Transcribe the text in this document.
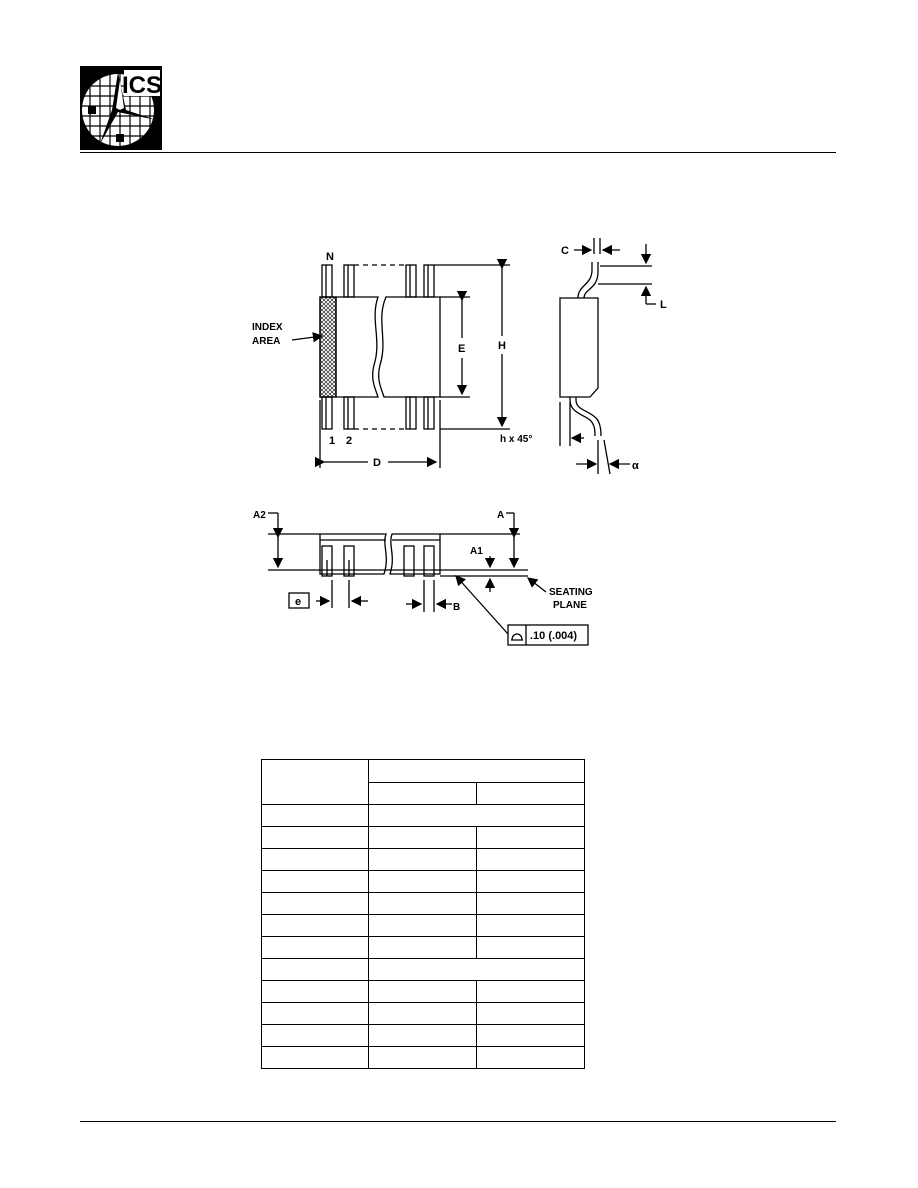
ICS
N
1 2
INDEX
AREA
E	H
D
C
L
h x 45°
α
A2	A
A1
e	B
SEATING
PLANE
.10 (.004)
